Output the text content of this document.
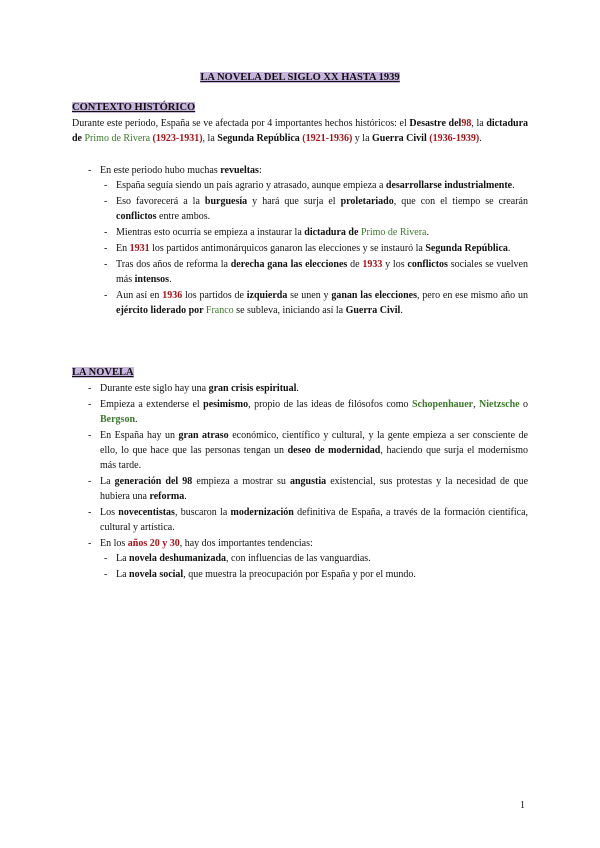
LA NOVELA DEL SIGLO XX HASTA 1939
CONTEXTO HISTÓRICO
Durante este periodo, España se ve afectada por 4 importantes hechos históricos: el Desastre del98, la dictadura de Primo de Rivera (1923-1931), la Segunda República (1921-1936) y la Guerra Civil (1936-1939).
- En este periodo hubo muchas revueltas:
- España seguía siendo un país agrario y atrasado, aunque empieza a desarrollarse industrialmente.
- Eso favorecerá a la burguesía y hará que surja el proletariado, que con el tiempo se crearán conflictos entre ambos.
- Mientras esto ocurría se empieza a instaurar la dictadura de Primo de Rivera.
- En 1931 los partidos antimonárquicos ganaron las elecciones y se instauró la Segunda República.
- Tras dos años de reforma la derecha gana las elecciones de 1933 y los conflictos sociales se vuelven más intensos.
- Aun así en 1936 los partidos de izquierda se unen y ganan las elecciones, pero en ese mismo año un ejército liderado por Franco se subleva, iniciando así la Guerra Civil.
LA NOVELA
- Durante este siglo hay una gran crisis espiritual.
- Empieza a extenderse el pesimismo, propio de las ideas de filósofos como Schopenhauer, Nietzsche o Bergson.
- En España hay un gran atraso económico, científico y cultural, y la gente empieza a ser consciente de ello, lo que hace que las personas tengan un deseo de modernidad, haciendo que surja el modernismo más tarde.
- La generación del 98 empieza a mostrar su angustia existencial, sus protestas y la necesidad de que hubiera una reforma.
- Los novecentistas, buscaron la modernización definitiva de España, a través de la formación científica, cultural y artística.
- En los años 20 y 30, hay dos importantes tendencias:
- La novela deshumanizada, con influencias de las vanguardias.
- La novela social, que muestra la preocupación por España y por el mundo.
1
